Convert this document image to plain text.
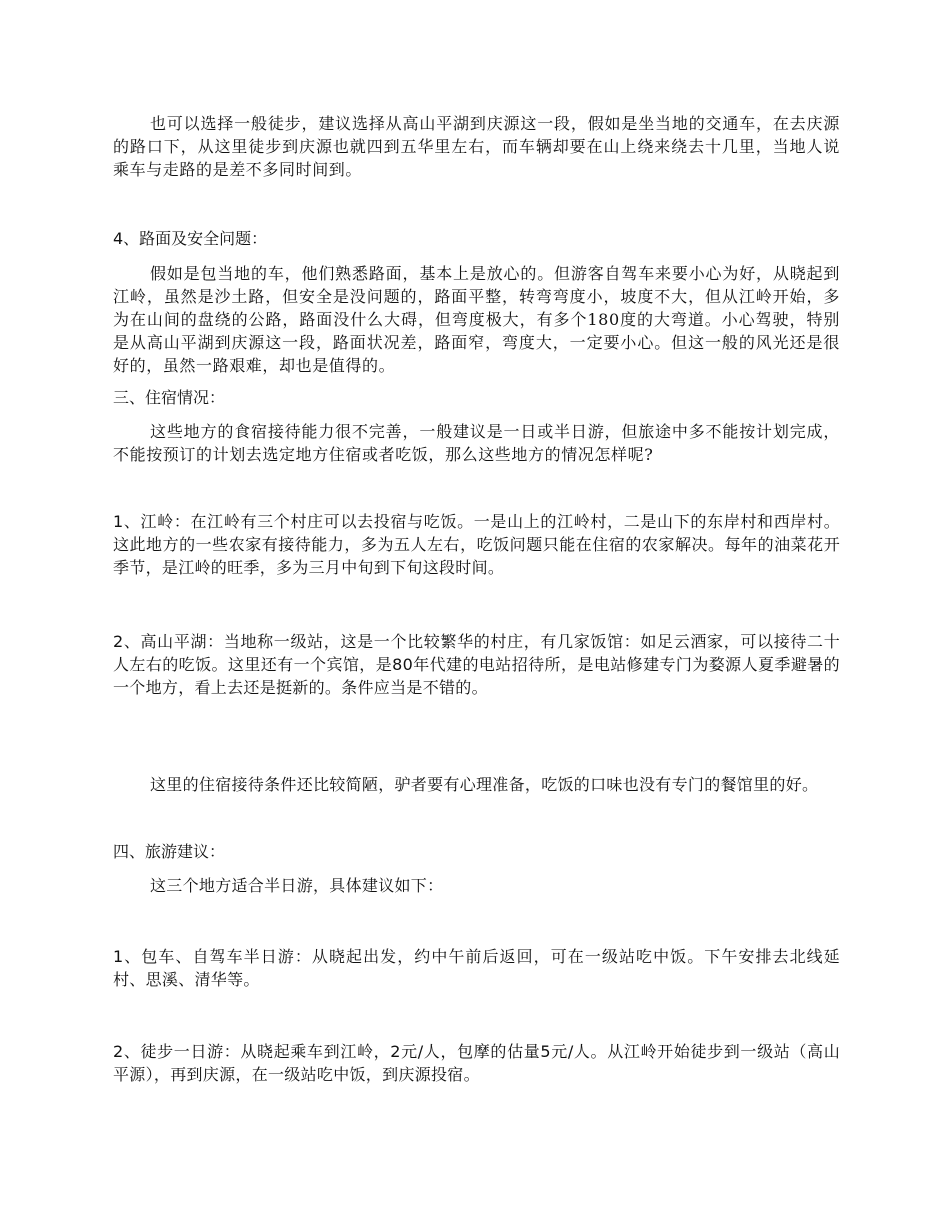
也可以选择一般徒步，建议选择从高山平湖到庆源这一段，假如是坐当地的交通车，在去庆源的路口下，从这里徒步到庆源也就四到五华里左右，而车辆却要在山上绕来绕去十几里，当地人说乘车与走路的是差不多同时间到。

4、路面及安全问题：

假如是包当地的车，他们熟悉路面，基本上是放心的。但游客自驾车来要小心为好，从晓起到江岭，虽然是沙土路，但安全是没问题的，路面平整，转弯弯度小，坡度不大，但从江岭开始，多为在山间的盘绕的公路，路面没什么大碍，但弯度极大，有多个180度的大弯道。小心驾驶，特别是从高山平湖到庆源这一段，路面状况差，路面窄，弯度大，一定要小心。但这一般的风光还是很好的，虽然一路艰难，却也是值得的。

三、住宿情况：

这些地方的食宿接待能力很不完善，一般建议是一日或半日游，但旅途中多不能按计划完成，不能按预订的计划去选定地方住宿或者吃饭，那么这些地方的情况怎样呢?

1、江岭：在江岭有三个村庄可以去投宿与吃饭。一是山上的江岭村，二是山下的东岸村和西岸村。这此地方的一些农家有接待能力，多为五人左右，吃饭问题只能在住宿的农家解决。每年的油菜花开季节，是江岭的旺季，多为三月中旬到下旬这段时间。

2、高山平湖：当地称一级站，这是一个比较繁华的村庄，有几家饭馆：如足云酒家，可以接待二十人左右的吃饭。这里还有一个宾馆，是80年代建的电站招待所，是电站修建专门为婺源人夏季避暑的一个地方，看上去还是挺新的。条件应当是不错的。

这里的住宿接待条件还比较简陋，驴者要有心理准备，吃饭的口味也没有专门的餐馆里的好。

四、旅游建议：

这三个地方适合半日游，具体建议如下：

1、包车、自驾车半日游：从晓起出发，约中午前后返回，可在一级站吃中饭。下午安排去北线延村、思溪、清华等。

2、徒步一日游：从晓起乘车到江岭，2元/人，包摩的估量5元/人。从江岭开始徒步到一级站（高山平源），再到庆源，在一级站吃中饭，到庆源投宿。
